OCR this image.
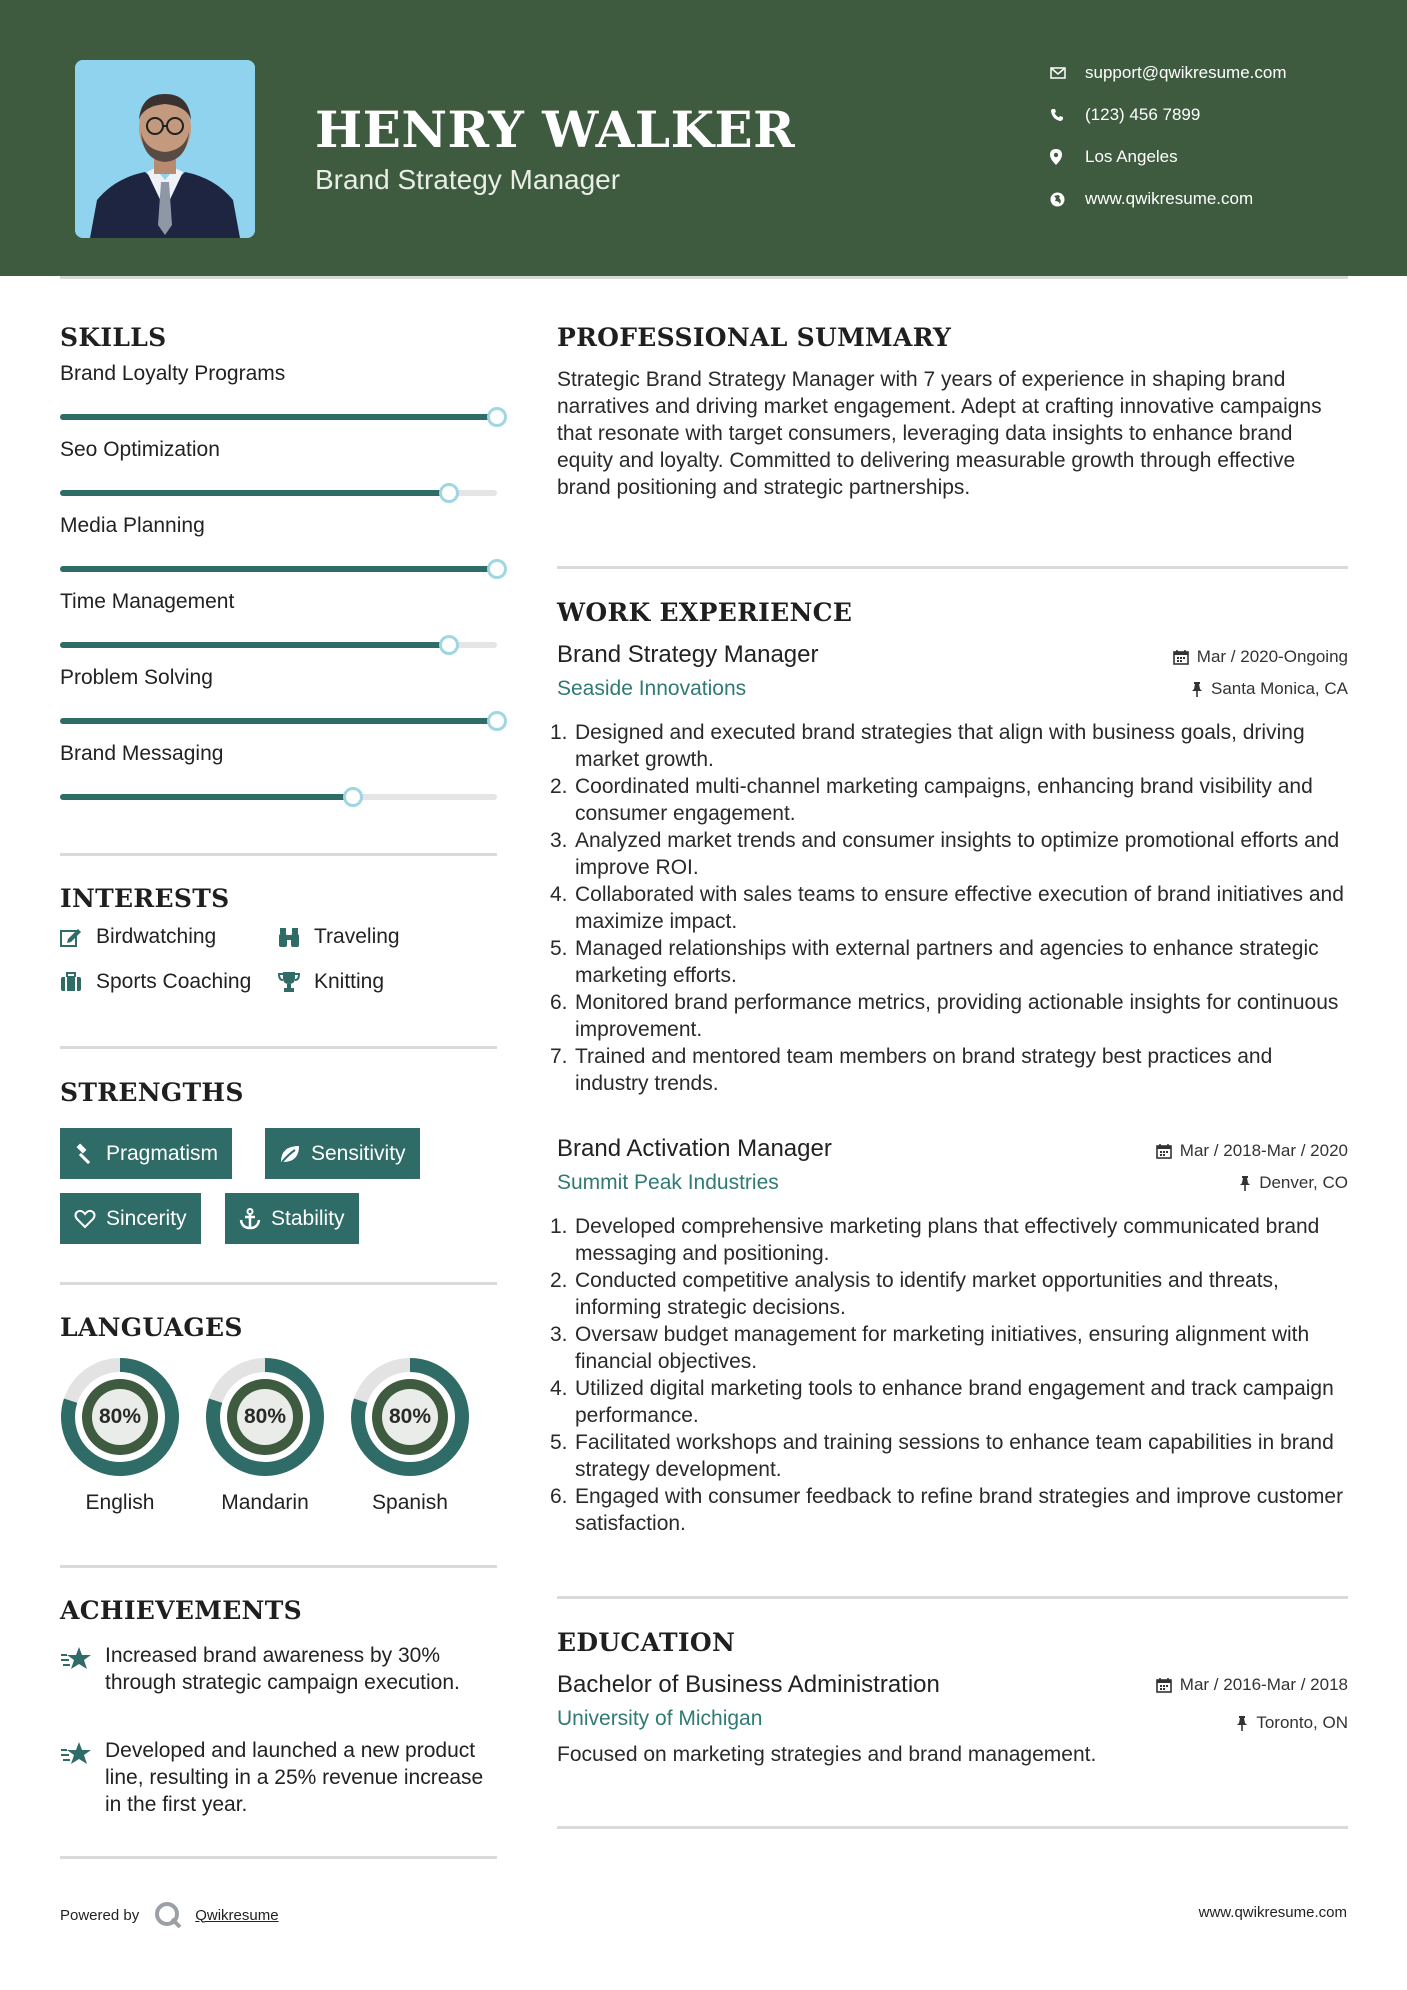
HENRY WALKER
Brand Strategy Manager
support@qwikresume.com
(123) 456 7899
Los Angeles
www.qwikresume.com
SKILLS
Brand Loyalty Programs
Seo Optimization
Media Planning
Time Management
Problem Solving
Brand Messaging
INTERESTS
Birdwatching	Traveling
Sports Coaching	Knitting
STRENGTHS
Pragmatism	Sensitivity
Sincerity	Stability
LANGUAGES
80%
English
80%
Mandarin
80%
Spanish
ACHIEVEMENTS
Increased brand awareness by 30% through strategic campaign execution.
Developed and launched a new product line, resulting in a 25% revenue increase in the first year.
PROFESSIONAL SUMMARY
Strategic Brand Strategy Manager with 7 years of experience in shaping brand narratives and driving market engagement. Adept at crafting innovative campaigns that resonate with target consumers, leveraging data insights to enhance brand equity and loyalty. Committed to delivering measurable growth through effective brand positioning and strategic partnerships.
WORK EXPERIENCE
Brand Strategy Manager	Mar / 2020-Ongoing
Seaside Innovations	Santa Monica, CA
1. Designed and executed brand strategies that align with business goals, driving market growth.
2. Coordinated multi-channel marketing campaigns, enhancing brand visibility and consumer engagement.
3. Analyzed market trends and consumer insights to optimize promotional efforts and improve ROI.
4. Collaborated with sales teams to ensure effective execution of brand initiatives and maximize impact.
5. Managed relationships with external partners and agencies to enhance strategic marketing efforts.
6. Monitored brand performance metrics, providing actionable insights for continuous improvement.
7. Trained and mentored team members on brand strategy best practices and industry trends.
Brand Activation Manager	Mar / 2018-Mar / 2020
Summit Peak Industries	Denver, CO
1. Developed comprehensive marketing plans that effectively communicated brand messaging and positioning.
2. Conducted competitive analysis to identify market opportunities and threats, informing strategic decisions.
3. Oversaw budget management for marketing initiatives, ensuring alignment with financial objectives.
4. Utilized digital marketing tools to enhance brand engagement and track campaign performance.
5. Facilitated workshops and training sessions to enhance team capabilities in brand strategy development.
6. Engaged with consumer feedback to refine brand strategies and improve customer satisfaction.
EDUCATION
Bachelor of Business Administration	Mar / 2016-Mar / 2018
University of Michigan	Toronto, ON
Focused on marketing strategies and brand management.
Powered by	Qwikresume	www.qwikresume.com
